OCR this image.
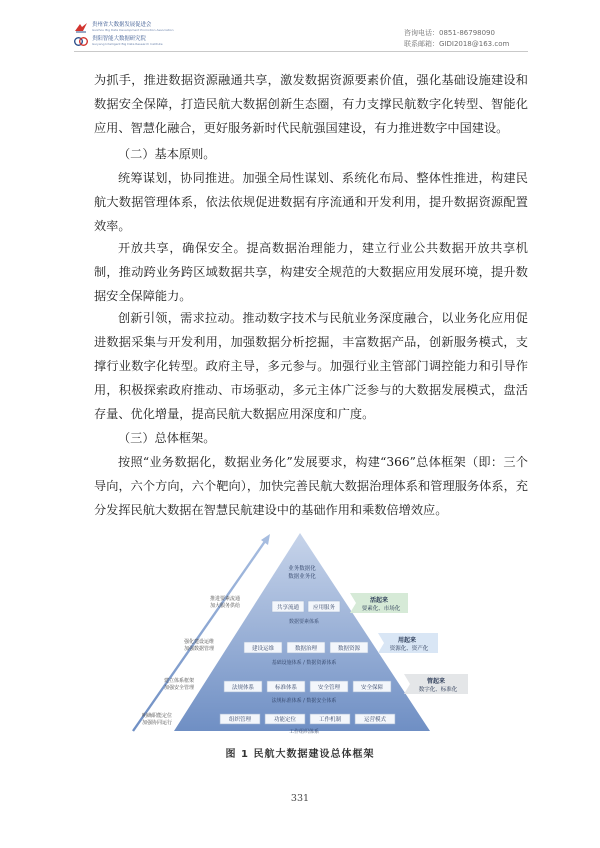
贵州省大数据发展促进会
Guizhou Big Data Development Promotion Association
贵阳智能大数据研究院
Guiyang Intelligent Big Data Research Institute
咨询电话：0851-86798090
联系邮箱：GIDI2018@163.com

为抓手，推进数据资源融通共享，激发数据资源要素价值，强化基础设施建设和数据安全保障，打造民航大数据创新生态圈，有力支撑民航数字化转型、智能化应用、智慧化融合，更好服务新时代民航强国建设，有力推进数字中国建设。

（二）基本原则。

统筹谋划，协同推进。加强全局性谋划、系统化布局、整体性推进，构建民航大数据管理体系，依法依规促进数据有序流通和开发利用，提升数据资源配置效率。

开放共享，确保安全。提高数据治理能力，建立行业公共数据开放共享机制，推动跨业务跨区域数据共享，构建安全规范的大数据应用发展环境，提升数据安全保障能力。

创新引领，需求拉动。推动数字技术与民航业务深度融合，以业务化应用促进数据采集与开发利用，加强数据分析挖掘，丰富数据产品，创新服务模式，支撑行业数字化转型。政府主导，多元参与。加强行业主管部门调控能力和引导作用，积极探索政府推动、市场驱动，多元主体广泛参与的大数据发展模式，盘活存量、优化增量，提高民航大数据应用深度和广度。

（三）总体框架。

按照“业务数据化，数据业务化”发展要求，构建“366”总体框架（即：三个导向，六个方向，六个靶向），加快完善民航大数据治理体系和管理服务体系，充分发挥民航大数据在智慧民航建设中的基础作用和乘数倍增效应。

业务数据化
数据业务化
共享流通	应用服务
数据要素体系
建设运维	数据治理	数据资源
基础设施体系 / 数据资源体系
法规体系	标准体系	安全管理	安全保障
法规标准体系 / 数据安全体系
组织管理	功能定位	工作机制	运营模式
工作组织体系
推进要素流通
加大服务供给
强化建设运维
加强数据管理
建立体系框架
加强安全管理
明确职能定位
加强协同运行
活起来
要素化、市场化
用起来
资源化、资产化
管起来
数字化、标准化
图 1 民航大数据建设总体框架
331
